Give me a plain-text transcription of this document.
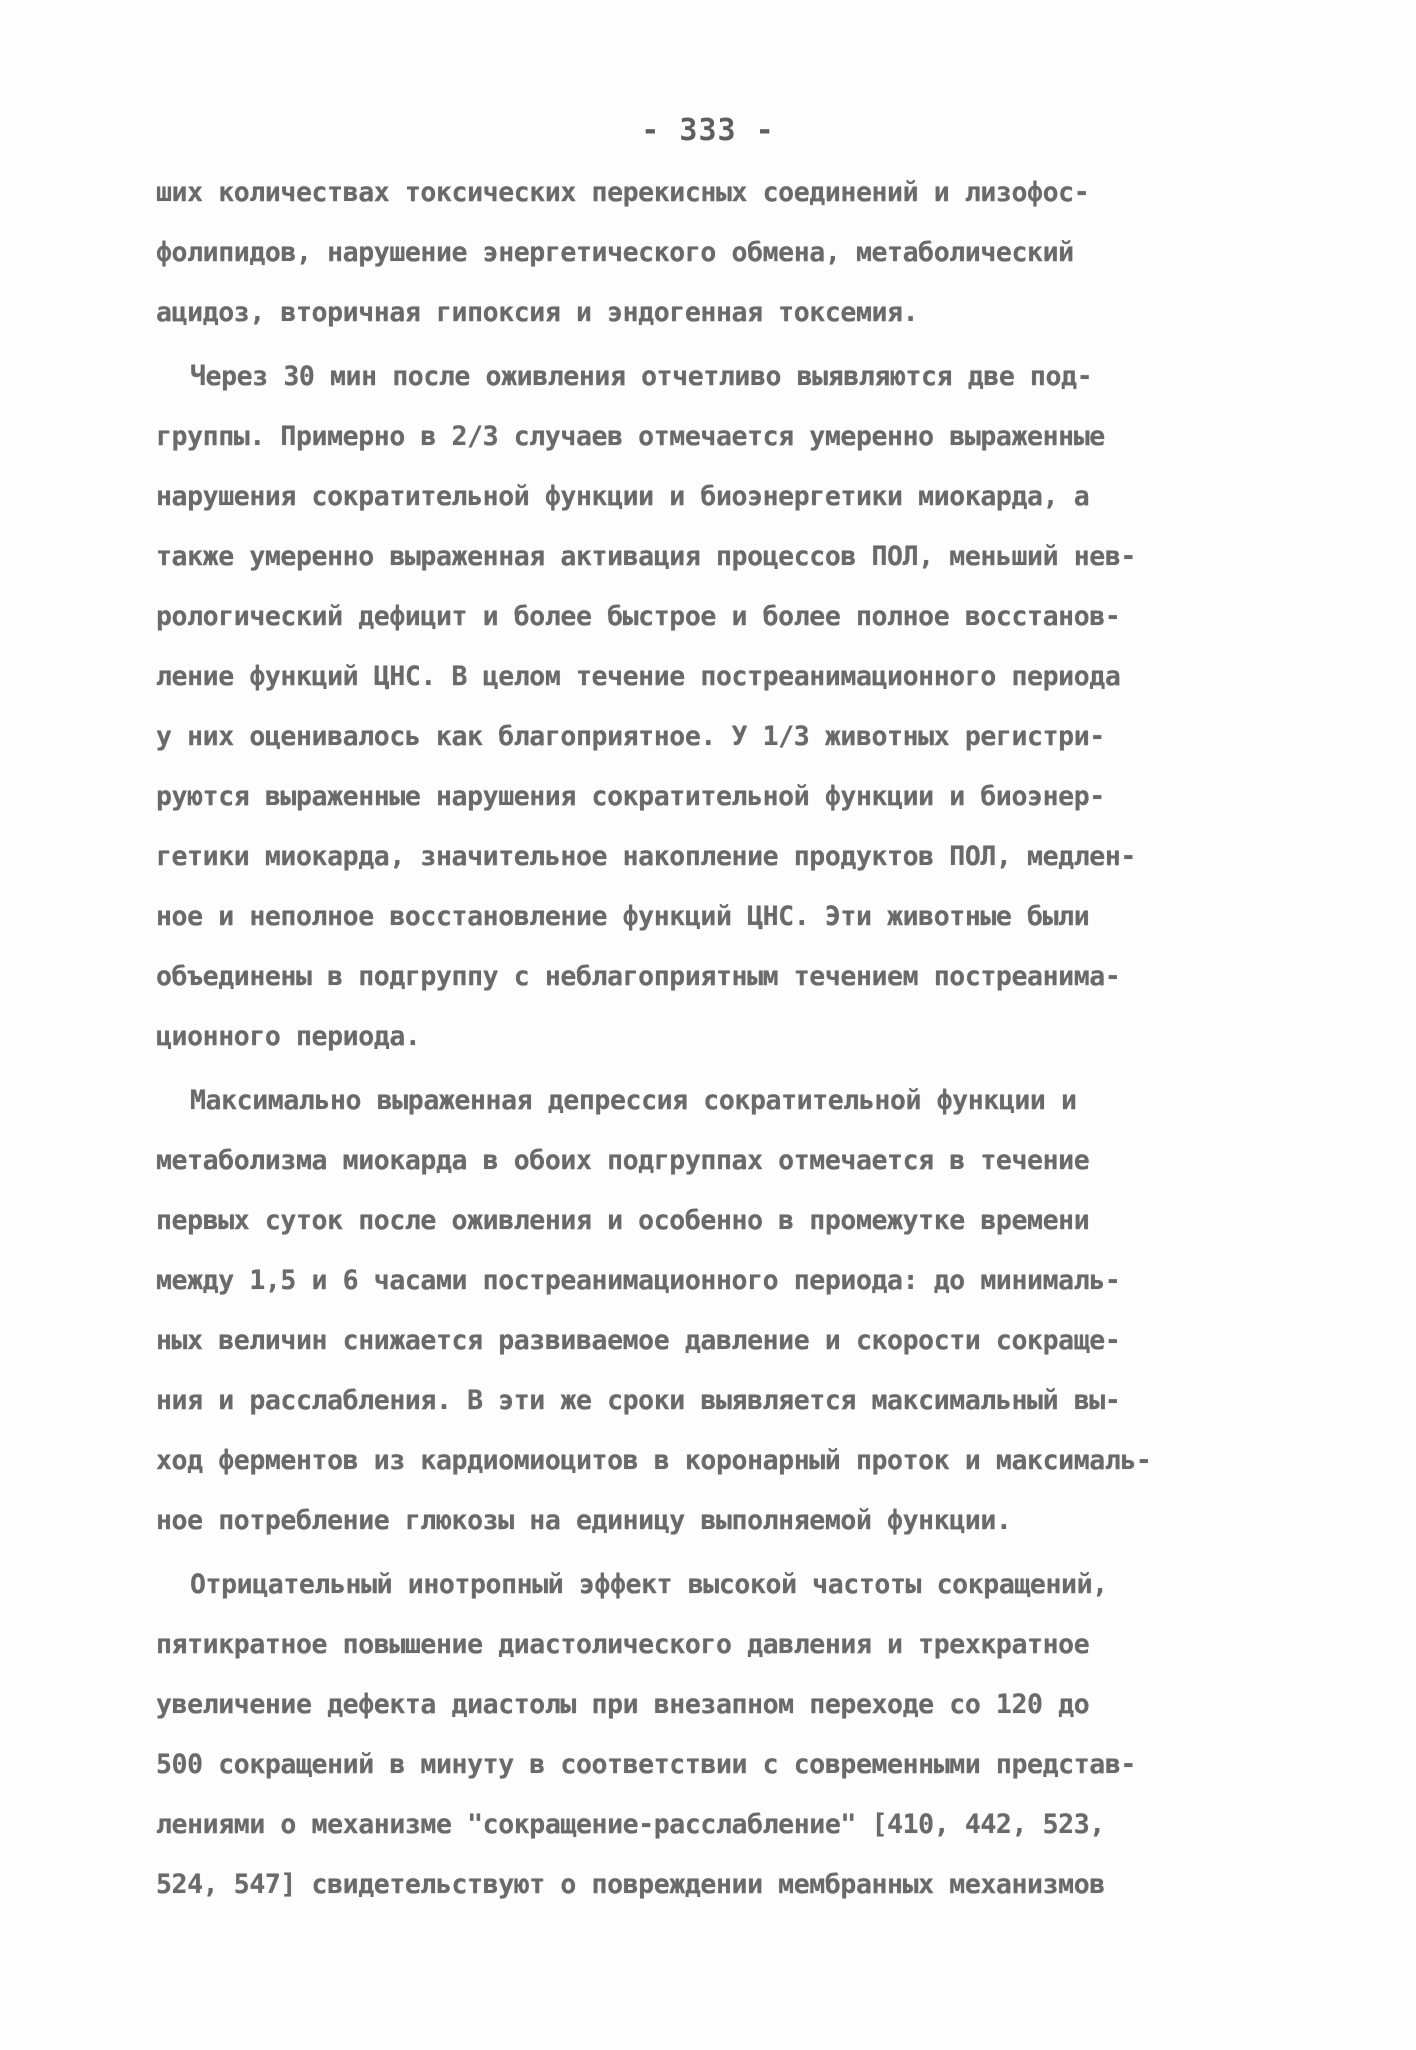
- 333 -
ших количествах токсических перекисных соединений и лизофос-
фолипидов, нарушение энергетического обмена, метаболический
ацидоз, вторичная гипоксия и эндогенная токсемия.
Через 30 мин после оживления отчетливо выявляются две под-
группы. Примерно в 2/3 случаев отмечается умеренно выраженные
нарушения сократительной функции и биоэнергетики миокарда, а
также умеренно выраженная активация процессов ПОЛ, меньший нев-
рологический дефицит и более быстрое и более полное восстанов-
ление функций ЦНС. В целом течение постреанимационного периода
у них оценивалось как благоприятное. У 1/3 животных регистри-
руются выраженные нарушения сократительной функции и биоэнер-
гетики миокарда, значительное накопление продуктов ПОЛ, медлен-
ное и неполное восстановление функций ЦНС. Эти животные были
объединены в подгруппу с неблагоприятным течением постреанима-
ционного периода.
Максимально выраженная депрессия сократительной функции и
метаболизма миокарда в обоих подгруппах отмечается в течение
первых суток после оживления и особенно в промежутке времени
между 1,5 и 6 часами постреанимационного периода: до минималь-
ных величин снижается развиваемое давление и скорости сокраще-
ния и расслабления. В эти же сроки выявляется максимальный вы-
ход ферментов из кардиомиоцитов в коронарный проток и максималь-
ное потребление глюкозы на единицу выполняемой функции.
Отрицательный инотропный эффект высокой частоты сокращений,
пятикратное повышение диастолического давления и трехкратное
увеличение дефекта диастолы при внезапном переходе со 120 до
500 сокращений в минуту в соответствии с современными представ-
лениями о механизме "сокращение-расслабление" [410, 442, 523,
524, 547] свидетельствуют о повреждении мембранных механизмов
